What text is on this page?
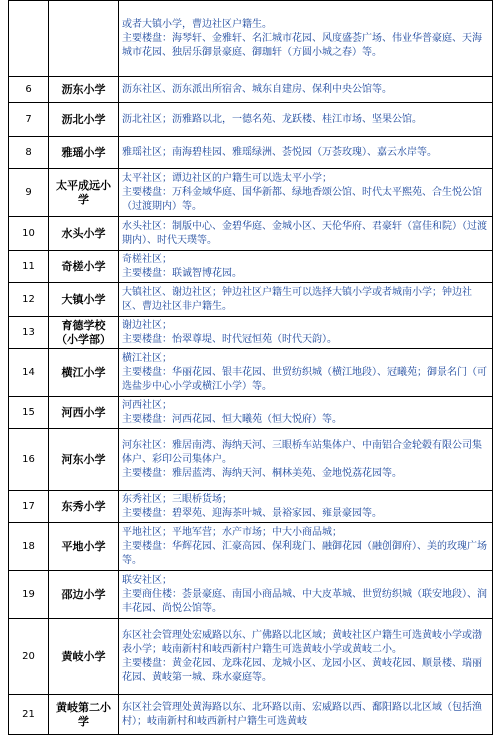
		或者大镇小学，曹边社区户籍生。
主要楼盘：海琴轩、金雅轩、名汇城市花园、风度盛荟广场、伟业华普豪庭、天海城市花园、独居乐御景豪庭、御珈轩（方圆小城之春）等。

6	沥东小学	沥东社区、沥东派出所宿舍、城东自建房、保利中央公馆等。

7	沥北小学	沥北社区；沥雅路以北，一德名苑、龙跃楼、桂江市场、坚果公馆。

8	雅瑶小学	雅瑶社区；南海碧桂园、雅瑶绿洲、荟悦园（万荟玫瑰）、嘉云水岸等。

9	太平成远小学	太平社区；谭边社区的户籍生可以选太平小学；
主要楼盘：万科金域华庭、国华新都、绿地香颂公馆、时代太平熙苑、合生悦公馆（过渡期内）等。

10	水头小学	水头社区：制版中心、金碧华庭、金城小区、天伦华府、君豪轩（富佳和院）（过渡期内）、时代天璞等。

11	奇槎小学	奇槎社区；
主要楼盘：联诚智博花园。

12	大镇小学	大镇社区、谢边社区；钟边社区户籍生可以选择大镇小学或者城南小学；钟边社区、曹边社区非户籍生。

13	育德学校（小学部）	谢边社区；
主要楼盘：怡翠尊堤、时代冠恒苑（时代天韵）。

14	横江小学	横江社区；
主要楼盘：华丽花园、银丰花园、世贸纺织城（横江地段）、冠曦苑；御景名门（可选盐步中心小学或横江小学）等。

15	河西小学	河西社区；
主要楼盘：河西花园、恒大曦苑（恒大悦府）等。

16	河东小学	河东社区：雅居南湾、海纳天河、三眼桥车站集体户、中南铝合金轮毂有限公司集体户、彩印公司集体户。
主要楼盘：雅居蓝湾、海纳天河、桐林美苑、金地悦荔花园等。

17	东秀小学	东秀社区；三眼桥货场；
主要楼盘：碧翠苑、迎海茶叶城、景裕家园、雍景豪园等。

18	平地小学	平地社区；平地军营；水产市场；中大小商品城；
主要楼盘：华辉花园、汇豪高园、保利珑门、融御花园（融创御府）、美的玫瑰广场等。

19	邵边小学	联安社区；
主要商住楼：荟景豪庭、南国小商品城、中大皮革城、世贸纺织城（联安地段）、润丰花园、尚悦公馆等。

20	黄岐小学	东区社会管理处宏威路以东、广佛路以北区域；黄岐社区户籍生可选黄岐小学或渤表小学；岐南新村和岐西新村户籍生可选黄岐小学或黄岐二小。
主要楼盘：黄金花园、龙珠花园、龙城小区、龙园小区、黄岐花园、顺景楼、瑞丽花园、黄岐第一城、珠水豪庭等。

21	黄岐第二小学	东区社会管理处黄海路以东、北环路以南、宏威路以西、鄱阳路以北区域（包括渔村）；岐南新村和岐西新村户籍生可选黄岐
